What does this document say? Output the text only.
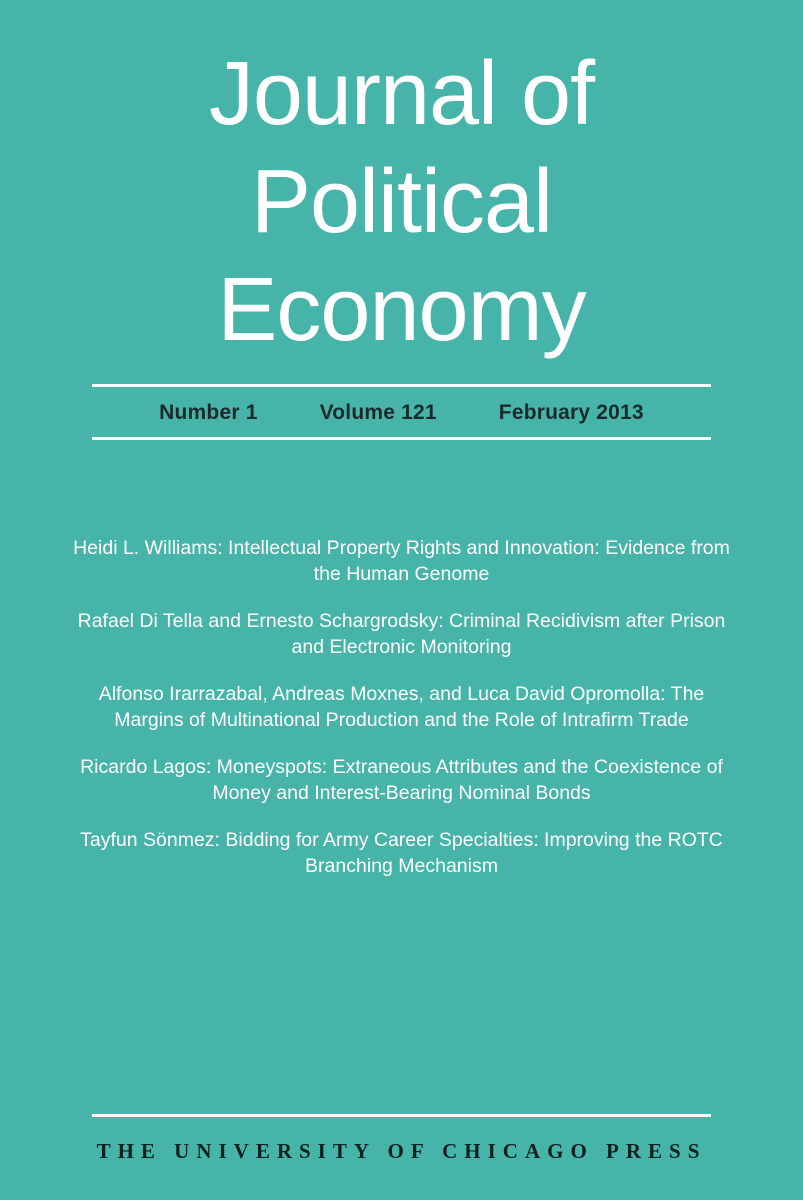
Journal of
Political
Economy
Number 1	Volume 121	February 2013
Heidi L. Williams: Intellectual Property Rights and Innovation: Evidence from the Human Genome
Rafael Di Tella and Ernesto Schargrodsky: Criminal Recidivism after Prison and Electronic Monitoring
Alfonso Irarrazabal, Andreas Moxnes, and Luca David Opromolla: The Margins of Multinational Production and the Role of Intrafirm Trade
Ricardo Lagos: Moneyspots: Extraneous Attributes and the Coexistence of Money and Interest-Bearing Nominal Bonds
Tayfun Sönmez: Bidding for Army Career Specialties: Improving the ROTC Branching Mechanism
THE UNIVERSITY OF CHICAGO PRESS
